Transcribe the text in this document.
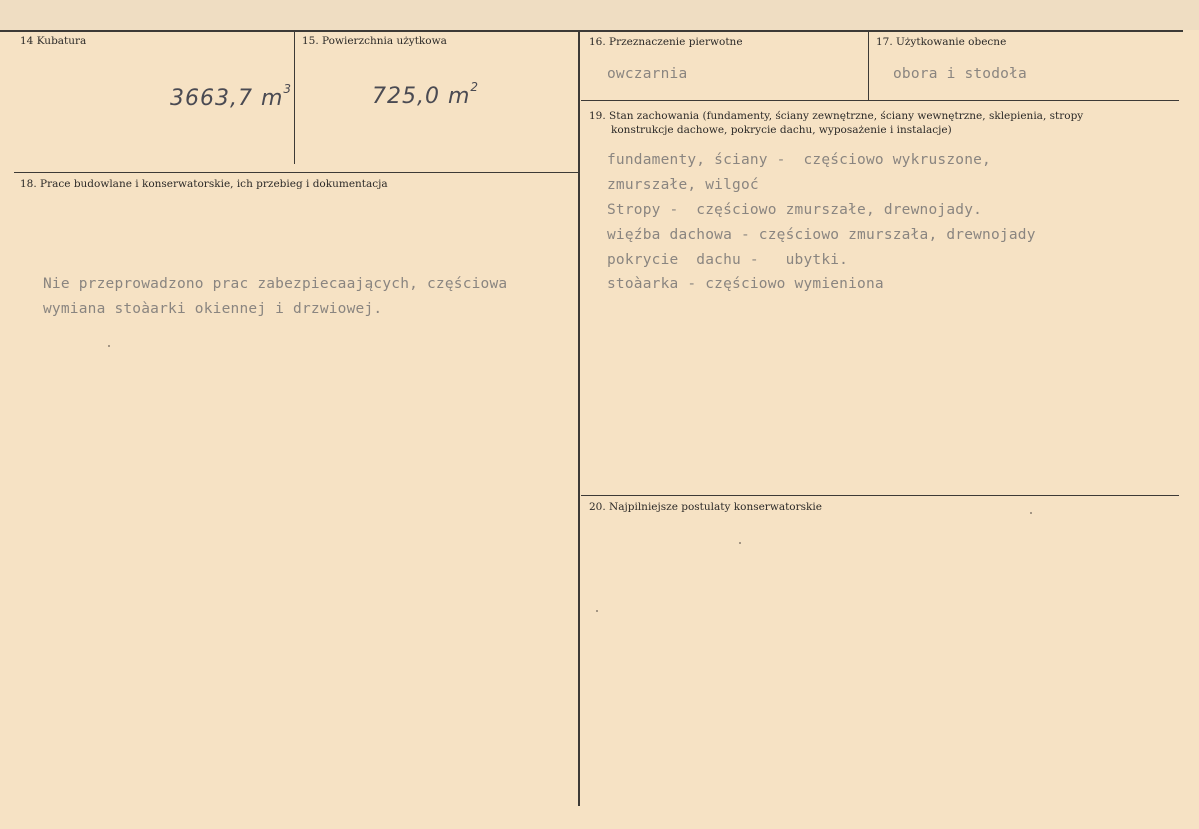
14 Kubatura
3663,7 $m^3$
15. Powierzchnia użytkowa
725,0 $m^2$
16. Przeznaczenie pierwotne
owczarnia
17. Użytkowanie obecne
obora i stodoła
18. Prace budowlane i konserwatorskie, ich przebieg i dokumentacja
Nie przeprowadzono prac zabezpiecaających, częściowa
wymiana stoàarki okiennej i drzwiowej.
19. Stan zachowania (fundamenty, ściany zewnętrzne, ściany wewnętrzne, sklepienia, stropy
konstrukcje dachowe, pokrycie dachu, wyposażenie i instalacje)
fundamenty, ściany -  częściowo wykruszone,
zmurszałe, wilgoć
Stropy -  częściowo zmurszałe, drewnojady.
więźba dachowa - częściowo zmurszała, drewnojady
pokrycie  dachu -   ubytki.
stoàarka - częściowo wymieniona
20. Najpilniejsze postulaty konserwatorskie
